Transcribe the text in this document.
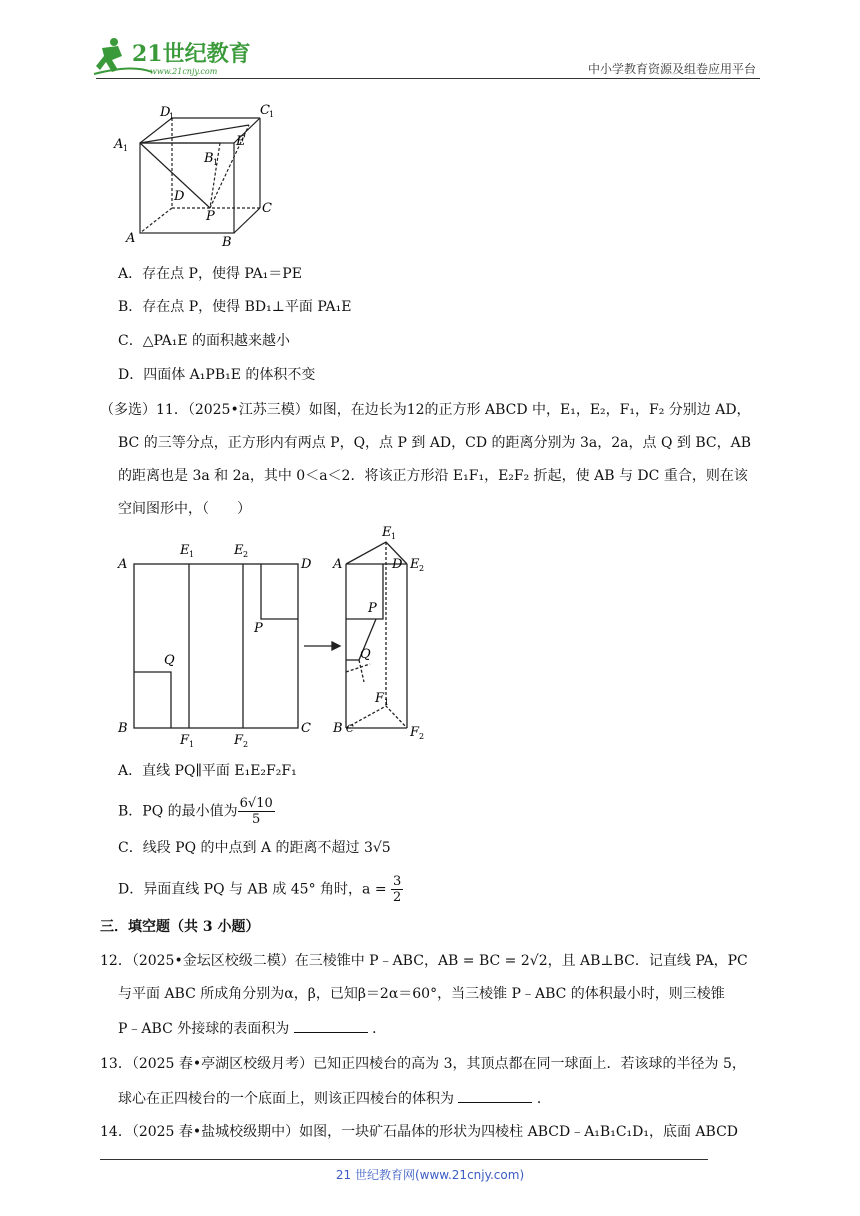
21世纪教育
www.21cnjy.com	中小学教育资源及组卷应用平台
D
1	C 1
A 1	E
B 1
D
P
C
A	B
A．存在点 P，使得 PA₁＝PE
B．存在点 P，使得 BD₁⊥平面 PA₁E
C．△PA₁E 的面积越来越小
D．四面体 A₁PB₁E 的体积不变
（多选）11．（2025•江苏三模）如图，在边长为12的正方形 ABCD 中，E₁，E₂，F₁，F₂ 分别边 AD，
BC 的三等分点，正方形内有两点 P，Q，点 P 到 AD，CD 的距离分别为 3a，2a，点 Q 到 BC，AB
的距离也是 3a 和 2a，其中 0＜a＜2．将该正方形沿 E₁F₁，E₂F₂ 折起，使 AB 与 DC 重合，则在该
空间图形中，（　　）
A
E 1	E 2
D
P
Q
B
F 1	F 2
C
E 1
A	D E 2
P
Q
F 1
B C	F 2
A．直线 PQ∥平面 E₁E₂F₂F₁
B．PQ 的最小值为 $\frac{6√10}{5}$
C．线段 PQ 的中点到 A 的距离不超过 3√5
D．异面直线 PQ 与 AB 成 45° 角时，$a = \frac{3}{2}$
三．填空题（共 3 小题）
12．（2025•金坛区校级二模）在三棱锥中 P﹣ABC，AB = BC = 2√2，且 AB⊥BC．记直线 PA，PC
与平面 ABC 所成角分别为α，β，已知β＝2α＝60°，当三棱锥 P﹣ABC 的体积最小时，则三棱锥
P﹣ABC 外接球的表面积为	．
13．（2025 春•亭湖区校级月考）已知正四棱台的高为 3，其顶点都在同一球面上．若该球的半径为 5，
球心在正四棱台的一个底面上，则该正四棱台的体积为	．
14．（2025 春•盐城校级期中）如图，一块矿石晶体的形状为四棱柱 ABCD﹣A₁B₁C₁D₁，底面 ABCD
21 世纪教育网(www.21cnjy.com)
